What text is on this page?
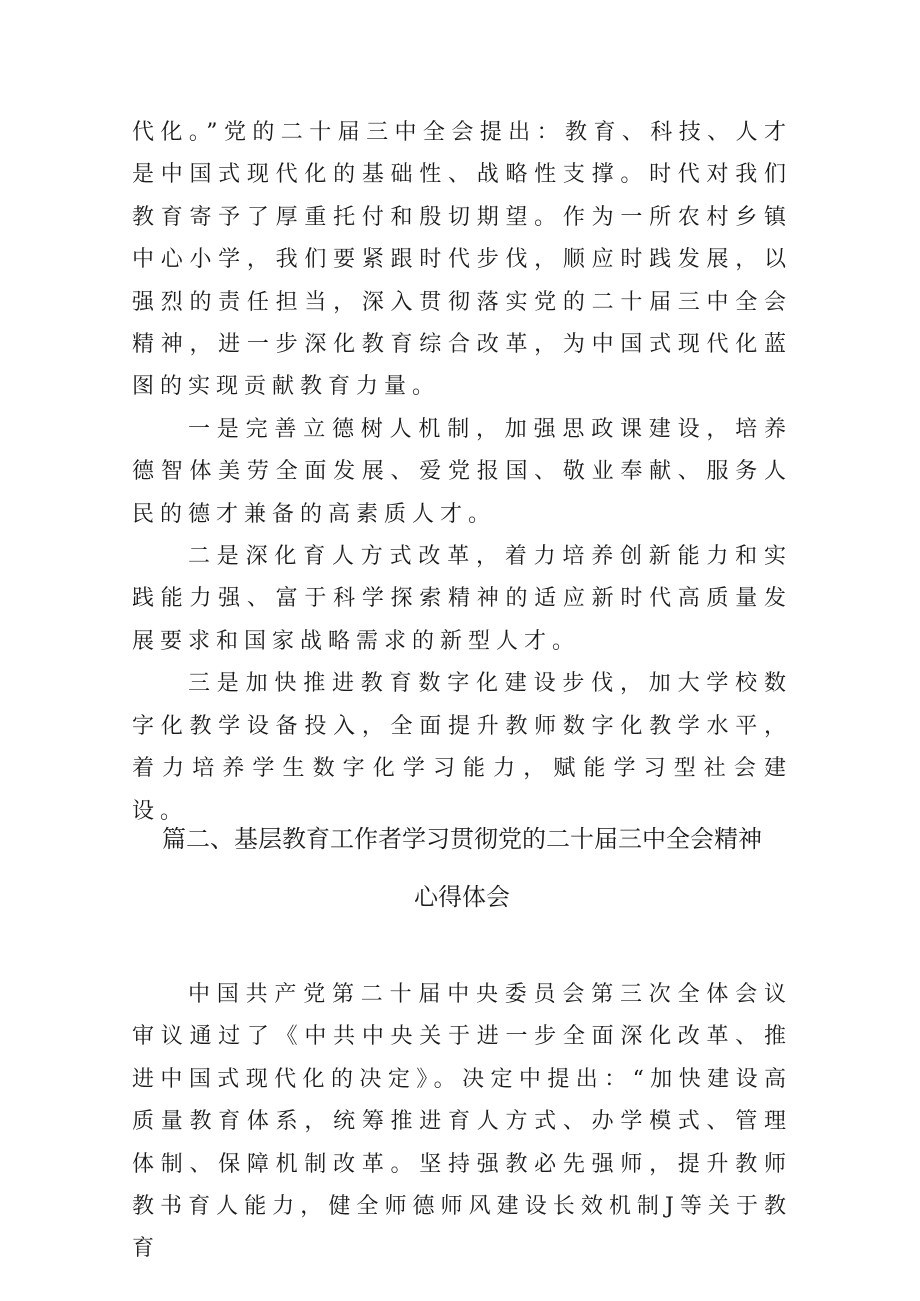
代化。”党的二十届三中全会提出：教育、科技、人才是中国式现代化的基础性、战略性支撑。时代对我们教育寄予了厚重托付和殷切期望。作为一所农村乡镇中心小学，我们要紧跟时代步伐，顺应时践发展，以强烈的责任担当，深入贯彻落实党的二十届三中全会精神，进一步深化教育综合改革，为中国式现代化蓝图的实现贡献教育力量。

一是完善立德树人机制，加强思政课建设，培养德智体美劳全面发展、爱党报国、敬业奉献、服务人民的德才兼备的高素质人才。

二是深化育人方式改革，着力培养创新能力和实践能力强、富于科学探索精神的适应新时代高质量发展要求和国家战略需求的新型人才。

三是加快推进教育数字化建设步伐，加大学校数字化教学设备投入，全面提升教师数字化教学水平，着力培养学生数字化学习能力，赋能学习型社会建设。

篇二、基层教育工作者学习贯彻党的二十届三中全会精神

心得体会

中国共产党第二十届中央委员会第三次全体会议审议通过了《中共中央关于进一步全面深化改革、推进中国式现代化的决定》。决定中提出：“加快建设高质量教育体系，统筹推进育人方式、办学模式、管理体制、保障机制改革。坚持强教必先强师，提升教师教书育人能力，健全师德师风建设长效机制J等关于教育
